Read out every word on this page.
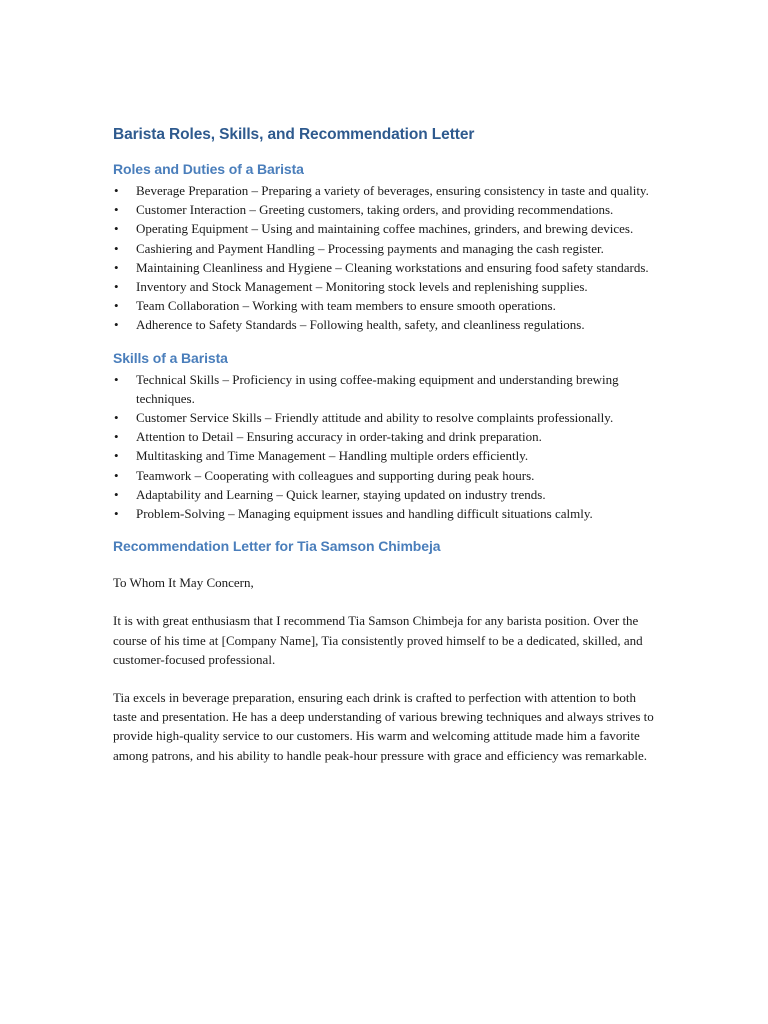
Barista Roles, Skills, and Recommendation Letter
Roles and Duties of a Barista
• Beverage Preparation – Preparing a variety of beverages, ensuring consistency in taste and quality.
• Customer Interaction – Greeting customers, taking orders, and providing recommendations.
• Operating Equipment – Using and maintaining coffee machines, grinders, and brewing devices.
• Cashiering and Payment Handling – Processing payments and managing the cash register.
• Maintaining Cleanliness and Hygiene – Cleaning workstations and ensuring food safety standards.
• Inventory and Stock Management – Monitoring stock levels and replenishing supplies.
• Team Collaboration – Working with team members to ensure smooth operations.
• Adherence to Safety Standards – Following health, safety, and cleanliness regulations.
Skills of a Barista
• Technical Skills – Proficiency in using coffee-making equipment and understanding brewing techniques.
• Customer Service Skills – Friendly attitude and ability to resolve complaints professionally.
• Attention to Detail – Ensuring accuracy in order-taking and drink preparation.
• Multitasking and Time Management – Handling multiple orders efficiently.
• Teamwork – Cooperating with colleagues and supporting during peak hours.
• Adaptability and Learning – Quick learner, staying updated on industry trends.
• Problem-Solving – Managing equipment issues and handling difficult situations calmly.
Recommendation Letter for Tia Samson Chimbeja

To Whom It May Concern,

It is with great enthusiasm that I recommend Tia Samson Chimbeja for any barista position. Over the course of his time at [Company Name], Tia consistently proved himself to be a dedicated, skilled, and customer-focused professional.

Tia excels in beverage preparation, ensuring each drink is crafted to perfection with attention to both taste and presentation. He has a deep understanding of various brewing techniques and always strives to provide high-quality service to our customers. His warm and welcoming attitude made him a favorite among patrons, and his ability to handle peak-hour pressure with grace and efficiency was remarkable.
